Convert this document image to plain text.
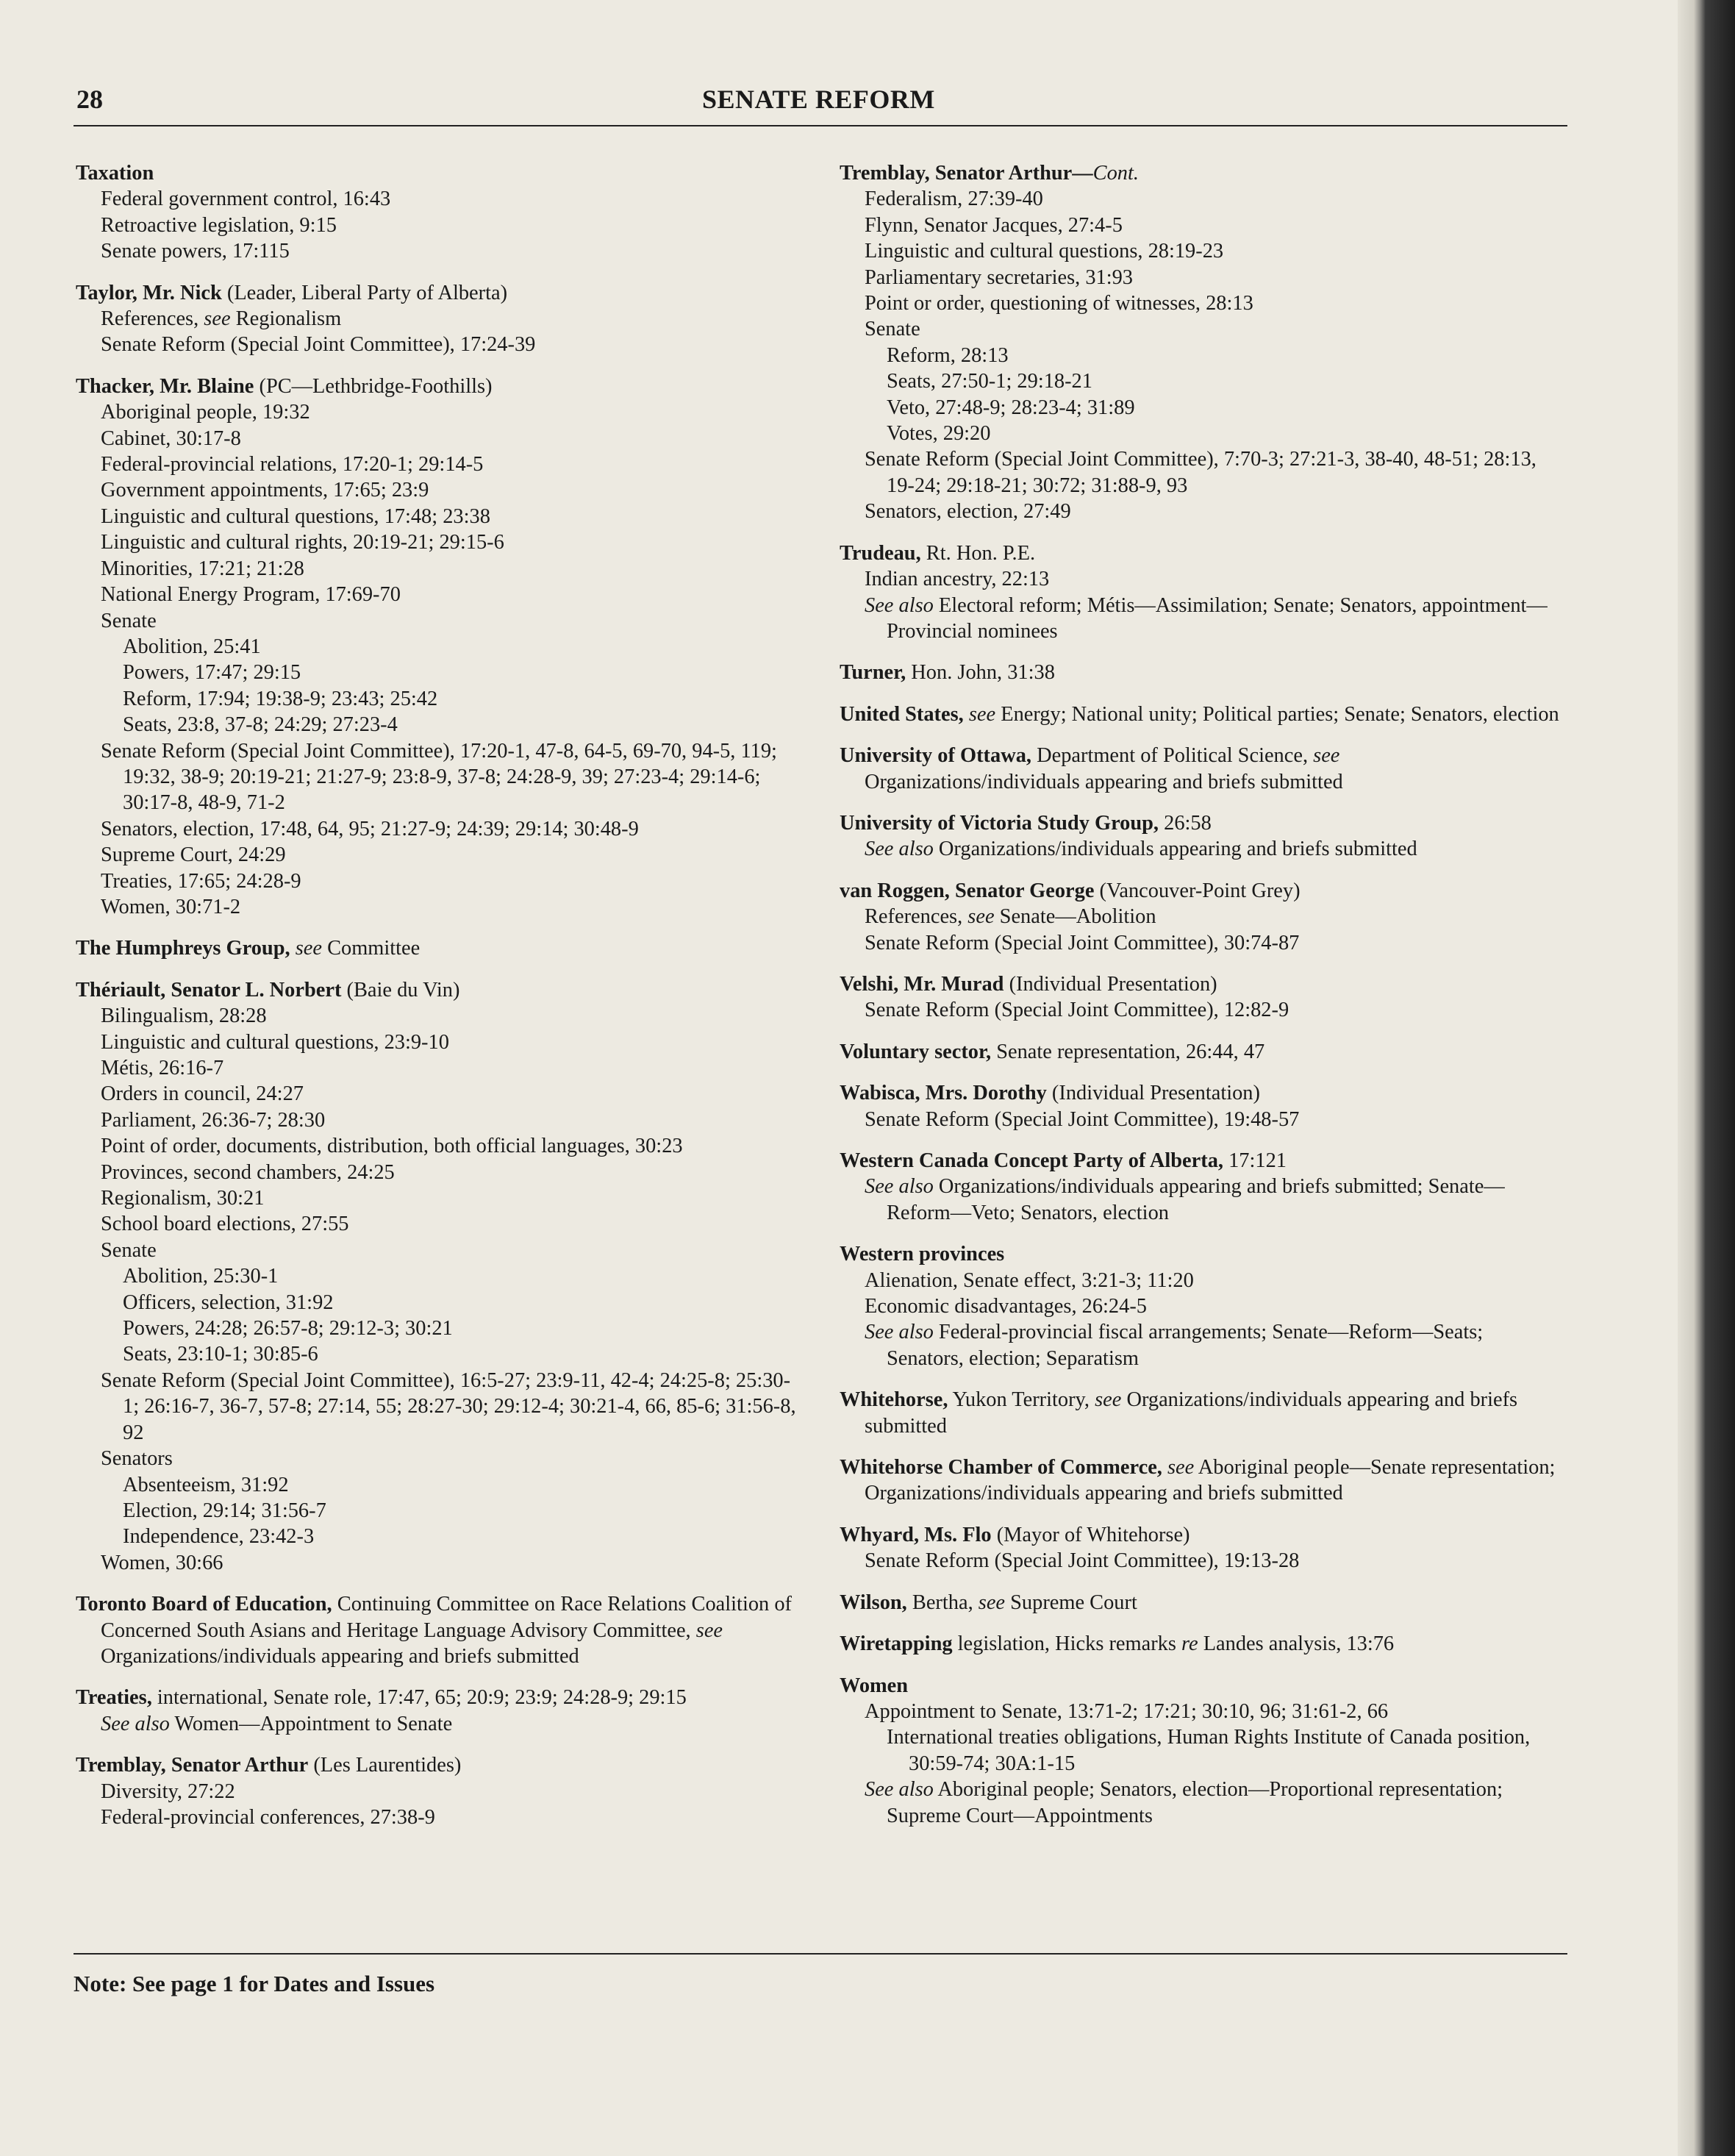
28	SENATE REFORM
Taxation
Federal government control, 16:43
Retroactive legislation, 9:15
Senate powers, 17:115
Taylor, Mr. Nick (Leader, Liberal Party of Alberta)
References, see Regionalism
Senate Reform (Special Joint Committee), 17:24-39
Thacker, Mr. Blaine (PC—Lethbridge-Foothills)
Aboriginal people, 19:32
Cabinet, 30:17-8
Federal-provincial relations, 17:20-1; 29:14-5
Government appointments, 17:65; 23:9
Linguistic and cultural questions, 17:48; 23:38
Linguistic and cultural rights, 20:19-21; 29:15-6
Minorities, 17:21; 21:28
National Energy Program, 17:69-70
Senate
Abolition, 25:41
Powers, 17:47; 29:15
Reform, 17:94; 19:38-9; 23:43; 25:42
Seats, 23:8, 37-8; 24:29; 27:23-4
Senate Reform (Special Joint Committee), 17:20-1, 47-8, 64-5, 69-70, 94-5, 119; 19:32, 38-9; 20:19-21; 21:27-9; 23:8-9, 37-8; 24:28-9, 39; 27:23-4; 29:14-6; 30:17-8, 48-9, 71-2
Senators, election, 17:48, 64, 95; 21:27-9; 24:39; 29:14; 30:48-9
Supreme Court, 24:29
Treaties, 17:65; 24:28-9
Women, 30:71-2
The Humphreys Group, see Committee
Thériault, Senator L. Norbert (Baie du Vin)
Bilingualism, 28:28
Linguistic and cultural questions, 23:9-10
Métis, 26:16-7
Orders in council, 24:27
Parliament, 26:36-7; 28:30
Point of order, documents, distribution, both official languages, 30:23
Provinces, second chambers, 24:25
Regionalism, 30:21
School board elections, 27:55
Senate
Abolition, 25:30-1
Officers, selection, 31:92
Powers, 24:28; 26:57-8; 29:12-3; 30:21
Seats, 23:10-1; 30:85-6
Senate Reform (Special Joint Committee), 16:5-27; 23:9-11, 42-4; 24:25-8; 25:30-1; 26:16-7, 36-7, 57-8; 27:14, 55; 28:27-30; 29:12-4; 30:21-4, 66, 85-6; 31:56-8, 92
Senators
Absenteeism, 31:92
Election, 29:14; 31:56-7
Independence, 23:42-3
Women, 30:66
Toronto Board of Education, Continuing Committee on Race Relations Coalition of Concerned South Asians and Heritage Language Advisory Committee, see Organizations/individuals appearing and briefs submitted
Treaties, international, Senate role, 17:47, 65; 20:9; 23:9; 24:28-9; 29:15
See also Women—Appointment to Senate
Tremblay, Senator Arthur (Les Laurentides)
Diversity, 27:22
Federal-provincial conferences, 27:38-9
Tremblay, Senator Arthur—Cont.
Federalism, 27:39-40
Flynn, Senator Jacques, 27:4-5
Linguistic and cultural questions, 28:19-23
Parliamentary secretaries, 31:93
Point or order, questioning of witnesses, 28:13
Senate
Reform, 28:13
Seats, 27:50-1; 29:18-21
Veto, 27:48-9; 28:23-4; 31:89
Votes, 29:20
Senate Reform (Special Joint Committee), 7:70-3; 27:21-3, 38-40, 48-51; 28:13, 19-24; 29:18-21; 30:72; 31:88-9, 93
Senators, election, 27:49
Trudeau, Rt. Hon. P.E.
Indian ancestry, 22:13
See also Electoral reform; Métis—Assimilation; Senate; Senators, appointment—Provincial nominees
Turner, Hon. John, 31:38
United States, see Energy; National unity; Political parties; Senate; Senators, election
University of Ottawa, Department of Political Science, see Organizations/individuals appearing and briefs submitted
University of Victoria Study Group, 26:58
See also Organizations/individuals appearing and briefs submitted
van Roggen, Senator George (Vancouver-Point Grey)
References, see Senate—Abolition
Senate Reform (Special Joint Committee), 30:74-87
Velshi, Mr. Murad (Individual Presentation)
Senate Reform (Special Joint Committee), 12:82-9
Voluntary sector, Senate representation, 26:44, 47
Wabisca, Mrs. Dorothy (Individual Presentation)
Senate Reform (Special Joint Committee), 19:48-57
Western Canada Concept Party of Alberta, 17:121
See also Organizations/individuals appearing and briefs submitted; Senate—Reform—Veto; Senators, election
Western provinces
Alienation, Senate effect, 3:21-3; 11:20
Economic disadvantages, 26:24-5
See also Federal-provincial fiscal arrangements; Senate—Reform—Seats; Senators, election; Separatism
Whitehorse, Yukon Territory, see Organizations/individuals appearing and briefs submitted
Whitehorse Chamber of Commerce, see Aboriginal people—Senate representation; Organizations/individuals appearing and briefs submitted
Whyard, Ms. Flo (Mayor of Whitehorse)
Senate Reform (Special Joint Committee), 19:13-28
Wilson, Bertha, see Supreme Court
Wiretapping legislation, Hicks remarks re Landes analysis, 13:76
Women
Appointment to Senate, 13:71-2; 17:21; 30:10, 96; 31:61-2, 66
International treaties obligations, Human Rights Institute of Canada position, 30:59-74; 30A:1-15
See also Aboriginal people; Senators, election—Proportional representation; Supreme Court—Appointments
Note: See page 1 for Dates and Issues
